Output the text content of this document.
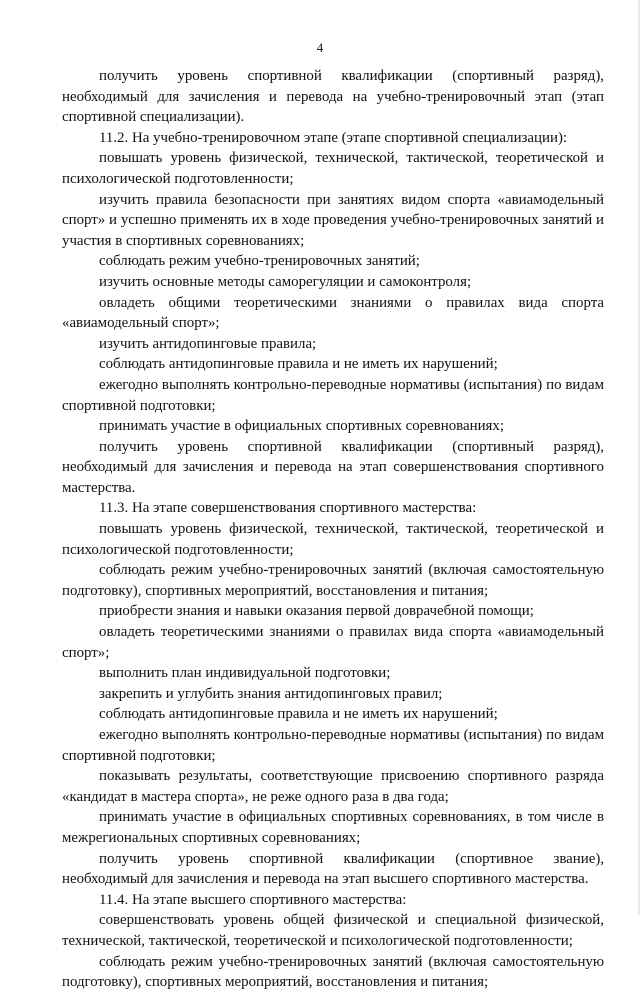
4

получить уровень спортивной квалификации (спортивный разряд), необходимый для зачисления и перевода на учебно-тренировочный этап (этап спортивной специализации).

11.2. На учебно-тренировочном этапе (этапе спортивной специализации):

повышать уровень физической, технической, тактической, теоретической и психологической подготовленности;

изучить правила безопасности при занятиях видом спорта «авиамодельный спорт» и успешно применять их в ходе проведения учебно-тренировочных занятий и участия в спортивных соревнованиях;

соблюдать режим учебно-тренировочных занятий;

изучить основные методы саморегуляции и самоконтроля;

овладеть общими теоретическими знаниями о правилах вида спорта «авиамодельный спорт»;

изучить антидопинговые правила;

соблюдать антидопинговые правила и не иметь их нарушений;

ежегодно выполнять контрольно-переводные нормативы (испытания) по видам спортивной подготовки;

принимать участие в официальных спортивных соревнованиях;

получить уровень спортивной квалификации (спортивный разряд), необходимый для зачисления и перевода на этап совершенствования спортивного мастерства.

11.3. На этапе совершенствования спортивного мастерства:

повышать уровень физической, технической, тактической, теоретической и психологической подготовленности;

соблюдать режим учебно-тренировочных занятий (включая самостоятельную подготовку), спортивных мероприятий, восстановления и питания;

приобрести знания и навыки оказания первой доврачебной помощи;

овладеть теоретическими знаниями о правилах вида спорта «авиамодельный спорт»;

выполнить план индивидуальной подготовки;

закрепить и углубить знания антидопинговых правил;

соблюдать антидопинговые правила и не иметь их нарушений;

ежегодно выполнять контрольно-переводные нормативы (испытания) по видам спортивной подготовки;

показывать результаты, соответствующие присвоению спортивного разряда «кандидат в мастера спорта», не реже одного раза в два года;

принимать участие в официальных спортивных соревнованиях, в том числе в межрегиональных спортивных соревнованиях;

получить уровень спортивной квалификации (спортивное звание), необходимый для зачисления и перевода на этап высшего спортивного мастерства.

11.4. На этапе высшего спортивного мастерства:

совершенствовать уровень общей физической и специальной физической, технической, тактической, теоретической и психологической подготовленности;

соблюдать режим учебно-тренировочных занятий (включая самостоятельную подготовку), спортивных мероприятий, восстановления и питания;
